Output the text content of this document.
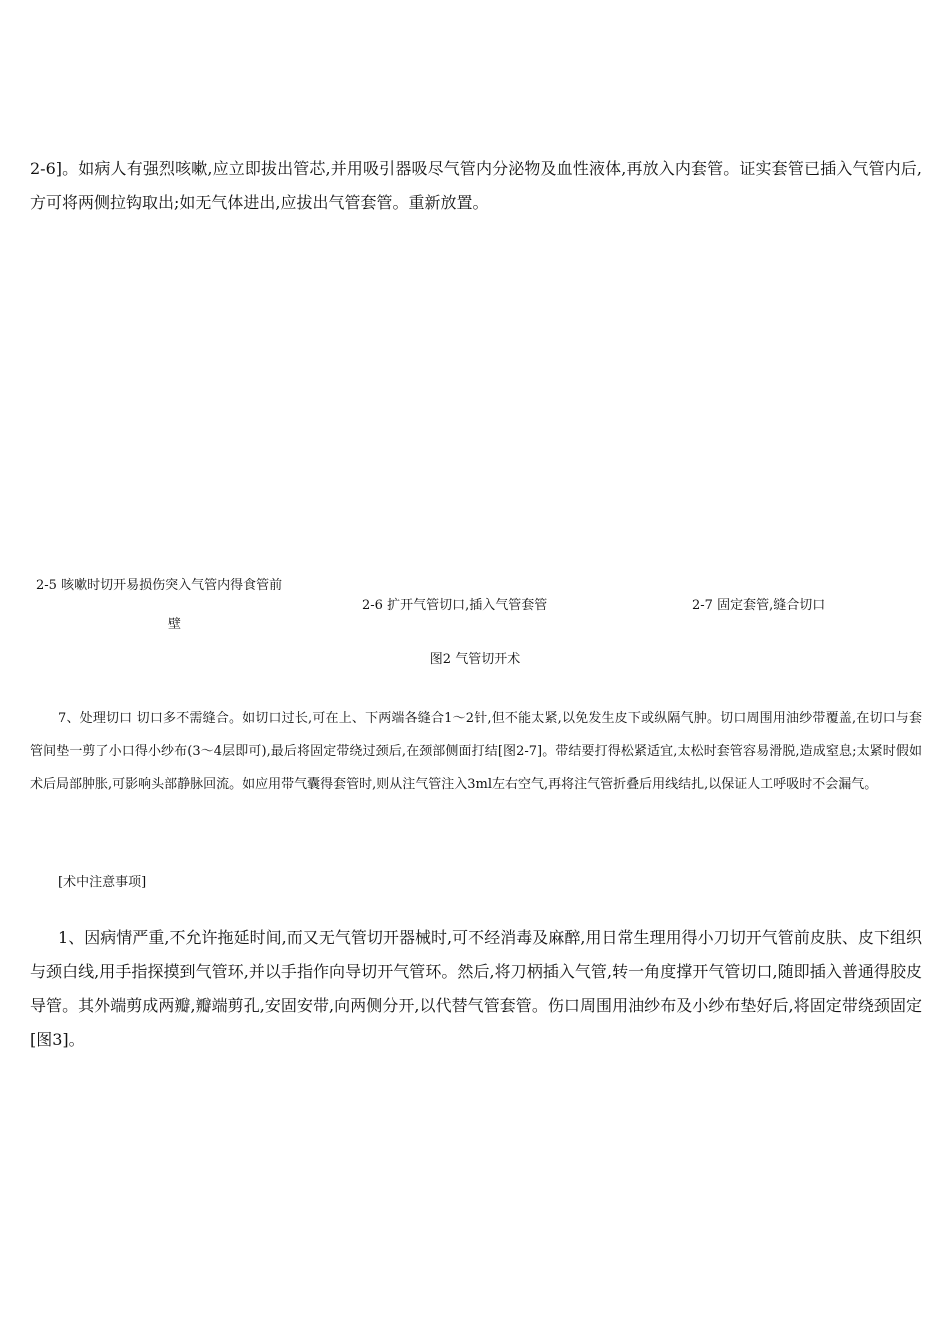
2-6]。如病人有强烈咳嗽,应立即拔出管芯,并用吸引器吸尽气管内分泌物及血性液体,再放入内套管。证实套管已插入气管内后,方可将两侧拉钩取出;如无气体进出,应拔出气管套管。重新放置。

2-5 咳嗽时切开易损伤突入气管内得食管前
壁
2-6 扩开气管切口,插入气管套管	2-7 固定套管,缝合切口
图2 气管切开术

7、处理切口 切口多不需缝合。如切口过长,可在上、下两端各缝合1～2针,但不能太紧,以免发生皮下或纵隔气肿。切口周围用油纱带覆盖,在切口与套管间垫一剪了小口得小纱布(3～4层即可),最后将固定带绕过颈后,在颈部侧面打结[图2-7]。带结要打得松紧适宜,太松时套管容易滑脱,造成窒息;太紧时假如术后局部肿胀,可影响头部静脉回流。如应用带气囊得套管时,则从注气管注入3ml左右空气,再将注气管折叠后用线结扎,以保证人工呼吸时不会漏气。

[术中注意事项]

1、因病情严重,不允许拖延时间,而又无气管切开器械时,可不经消毒及麻醉,用日常生理用得小刀切开气管前皮肤、皮下组织与颈白线,用手指探摸到气管环,并以手指作向导切开气管环。然后,将刀柄插入气管,转一角度撑开气管切口,随即插入普通得胶皮导管。其外端剪成两瓣,瓣端剪孔,安固安带,向两侧分开,以代替气管套管。伤口周围用油纱布及小纱布垫好后,将固定带绕颈固定[图3]。
